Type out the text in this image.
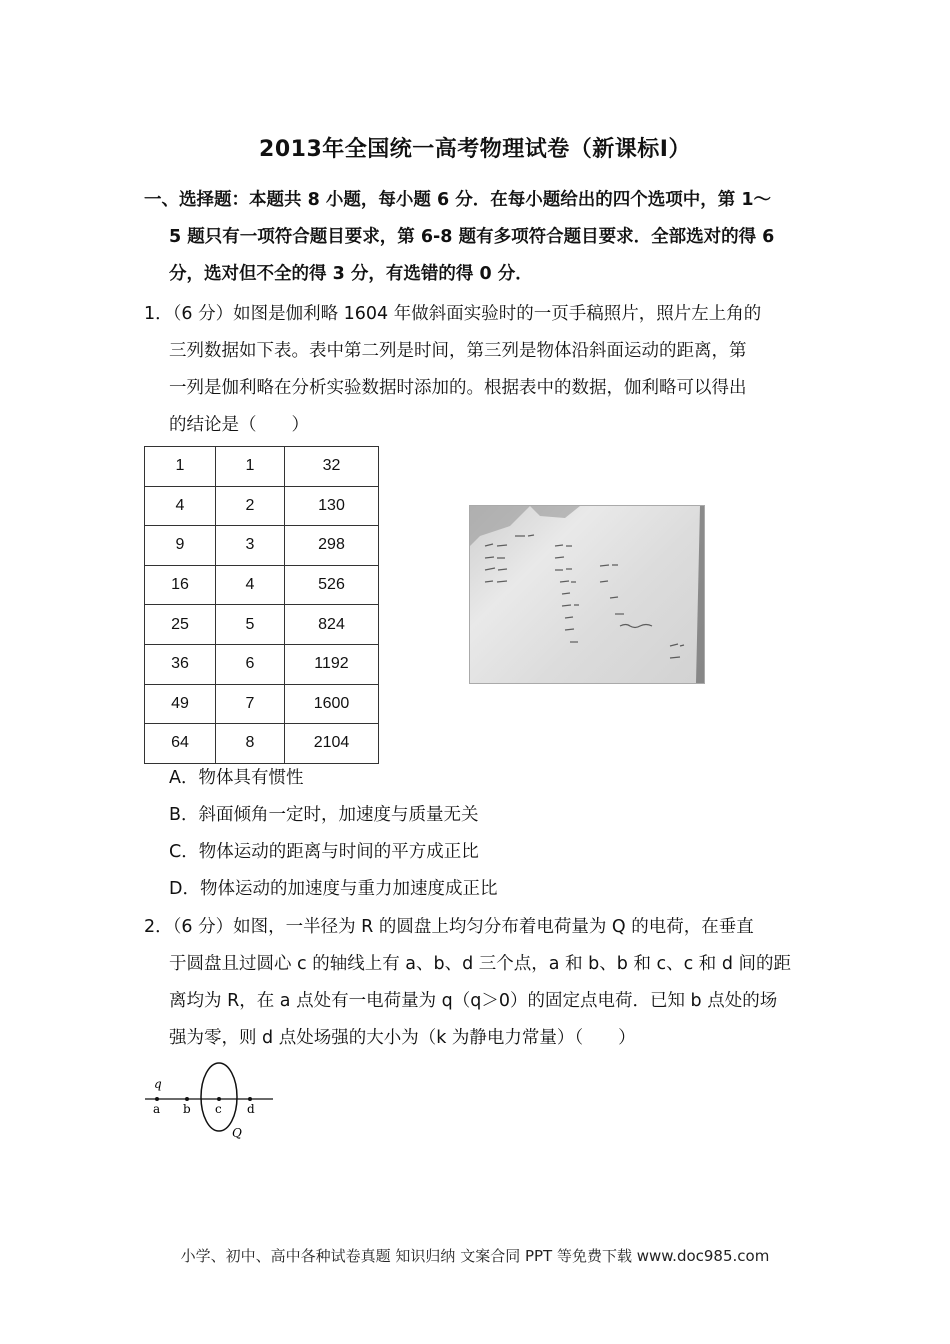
2013年全国统一高考物理试卷（新课标Ⅰ）
一、选择题：本题共 8 小题，每小题 6 分．在每小题给出的四个选项中，第 1～
5 题只有一项符合题目要求，第 6-8 题有多项符合题目要求．全部选对的得 6
分，选对但不全的得 3 分，有选错的得 0 分．
1．（6 分）如图是伽利略 1604 年做斜面实验时的一页手稿照片，照片左上角的
三列数据如下表。表中第二列是时间，第三列是物体沿斜面运动的距离，第
一列是伽利略在分析实验数据时添加的。根据表中的数据，伽利略可以得出
的结论是（　　）
1	1	32
4	2	130
9	3	298
16	4	526
25	5	824
36	6	1192
49	7	1600
64	8	2104
A．物体具有惯性
B．斜面倾角一定时，加速度与质量无关
C．物体运动的距离与时间的平方成正比
D．物体运动的加速度与重力加速度成正比
2．（6 分）如图，一半径为 R 的圆盘上均匀分布着电荷量为 Q 的电荷，在垂直
于圆盘且过圆心 c 的轴线上有 a、b、d 三个点，a 和 b、b 和 c、c 和 d 间的距
离均为 R，在 a 点处有一电荷量为 q（q＞0）的固定点电荷．已知 b 点处的场
强为零，则 d 点处场强的大小为（k 为静电力常量）（　　）
q
a b c d
Q
小学、初中、高中各种试卷真题 知识归纳 文案合同 PPT 等免费下载 www.doc985.com
